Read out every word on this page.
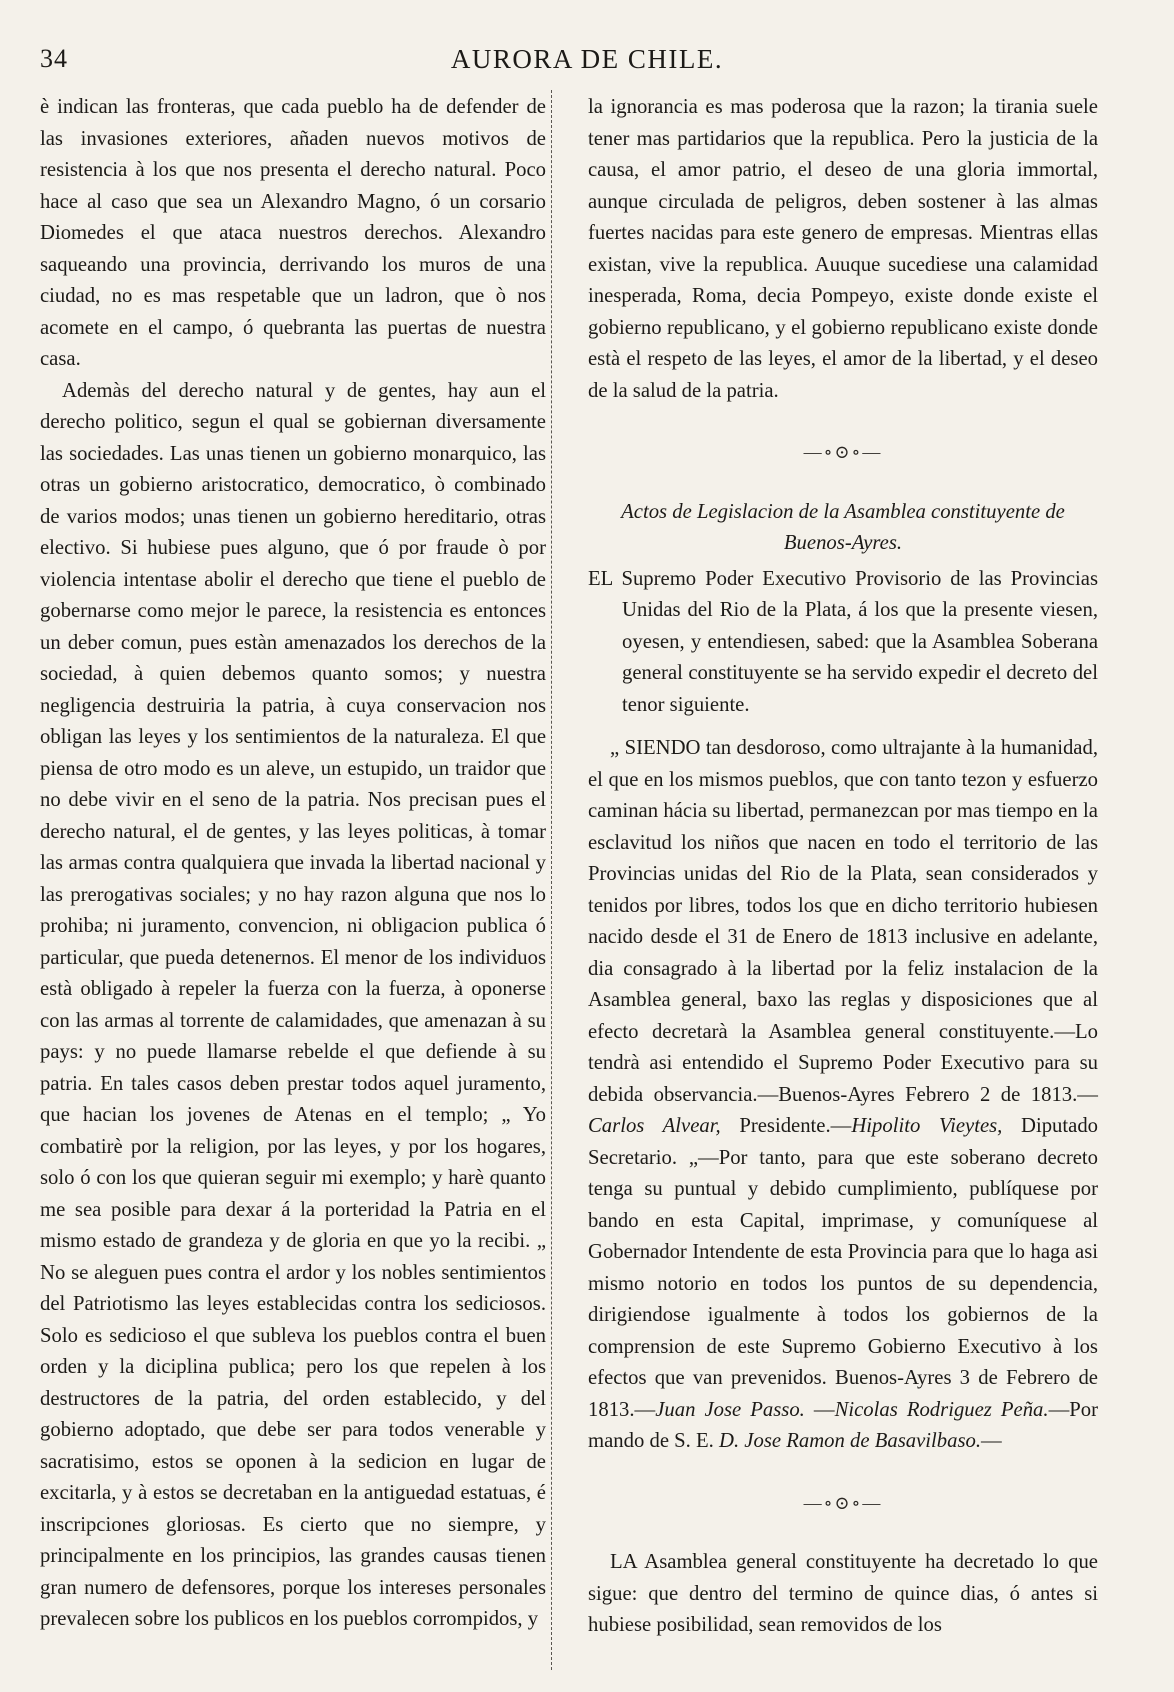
34	AURORA DE CHILE.

è indican las fronteras, que cada pueblo ha de defender de las invasiones exteriores, añaden nuevos motivos de resistencia à los que nos presenta el derecho natural. Poco hace al caso que sea un Alexandro Magno, ó un corsario Diomedes el que ataca nuestros derechos. Alexandro saqueando una provincia, derrivando los muros de una ciudad, no es mas respetable que un ladron, que ò nos acomete en el campo, ó quebranta las puertas de nuestra casa.

Ademàs del derecho natural y de gentes, hay aun el derecho politico, segun el qual se gobiernan diversamente las sociedades. Las unas tienen un gobierno monarquico, las otras un gobierno aristocratico, democratico, ò combinado de varios modos; unas tienen un gobierno hereditario, otras electivo. Si hubiese pues alguno, que ó por fraude ò por violencia intentase abolir el derecho que tiene el pueblo de gobernarse como mejor le parece, la resistencia es entonces un deber comun, pues estàn amenazados los derechos de la sociedad, à quien debemos quanto somos; y nuestra negligencia destruiria la patria, à cuya conservacion nos obligan las leyes y los sentimientos de la naturaleza. El que piensa de otro modo es un aleve, un estupido, un traidor que no debe vivir en el seno de la patria. Nos precisan pues el derecho natural, el de gentes, y las leyes politicas, à tomar las armas contra qualquiera que invada la libertad nacional y las prerogativas sociales; y no hay razon alguna que nos lo prohiba; ni juramento, convencion, ni obligacion publica ó particular, que pueda detenernos. El menor de los individuos està obligado à repeler la fuerza con la fuerza, à oponerse con las armas al torrente de calamidades, que amenazan à su pays: y no puede llamarse rebelde el que defiende à su patria. En tales casos deben prestar todos aquel juramento, que hacian los jovenes de Atenas en el templo; „ Yo combatirè por la religion, por las leyes, y por los hogares, solo ó con los que quieran seguir mi exemplo; y harè quanto me sea posible para dexar á la porteridad la Patria en el mismo estado de grandeza y de gloria en que yo la recibi. „ No se aleguen pues contra el ardor y los nobles sentimientos del Patriotismo las leyes establecidas contra los sediciosos. Solo es sedicioso el que subleva los pueblos contra el buen orden y la diciplina publica; pero los que repelen à los destructores de la patria, del orden establecido, y del gobierno adoptado, que debe ser para todos venerable y sacratisimo, estos se oponen à la sedicion en lugar de excitarla, y à estos se decretaban en la antiguedad estatuas, é inscripciones gloriosas. Es cierto que no siempre, y principalmente en los principios, las grandes causas tienen gran numero de defensores, porque los intereses personales prevalecen sobre los publicos en los pueblos corrompidos, y

la ignorancia es mas poderosa que la razon; la tirania suele tener mas partidarios que la republica. Pero la justicia de la causa, el amor patrio, el deseo de una gloria immortal, aunque circulada de peligros, deben sostener à las almas fuertes nacidas para este genero de empresas. Mientras ellas existan, vive la republica. Auuque sucediese una calamidad inesperada, Roma, decia Pompeyo, existe donde existe el gobierno republicano, y el gobierno republicano existe donde està el respeto de las leyes, el amor de la libertad, y el deseo de la salud de la patria.

—∘⊙∘—

Actos de Legislacion de la Asamblea constituyente de Buenos-Ayres.

EL Supremo Poder Executivo Provisorio de las Provincias Unidas del Rio de la Plata, á los que la presente viesen, oyesen, y entendiesen, sabed: que la Asamblea Soberana general constituyente se ha servido expedir el decreto del tenor siguiente.

„ SIENDO tan desdoroso, como ultrajante à la humanidad, el que en los mismos pueblos, que con tanto tezon y esfuerzo caminan hácia su libertad, permanezcan por mas tiempo en la esclavitud los niños que nacen en todo el territorio de las Provincias unidas del Rio de la Plata, sean considerados y tenidos por libres, todos los que en dicho territorio hubiesen nacido desde el 31 de Enero de 1813 inclusive en adelante, dia consagrado à la libertad por la feliz instalacion de la Asamblea general, baxo las reglas y disposiciones que al efecto decretarà la Asamblea general constituyente.—Lo tendrà asi entendido el Supremo Poder Executivo para su debida observancia.—Buenos-Ayres Febrero 2 de 1813.—Carlos Alvear, Presidente.—Hipolito Vieytes, Diputado Secretario. „—Por tanto, para que este soberano decreto tenga su puntual y debido cumplimiento, publíquese por bando en esta Capital, imprimase, y comuníquese al Gobernador Intendente de esta Provincia para que lo haga asi mismo notorio en todos los puntos de su dependencia, dirigiendose igualmente à todos los gobiernos de la comprension de este Supremo Gobierno Executivo à los efectos que van prevenidos. Buenos-Ayres 3 de Febrero de 1813.—Juan Jose Passo. —Nicolas Rodriguez Peña.—Por mando de S. E. D. Jose Ramon de Basavilbaso.—

—∘⊙∘—

LA Asamblea general constituyente ha decretado lo que sigue: que dentro del termino de quince dias, ó antes si hubiese posibilidad, sean removidos de los
